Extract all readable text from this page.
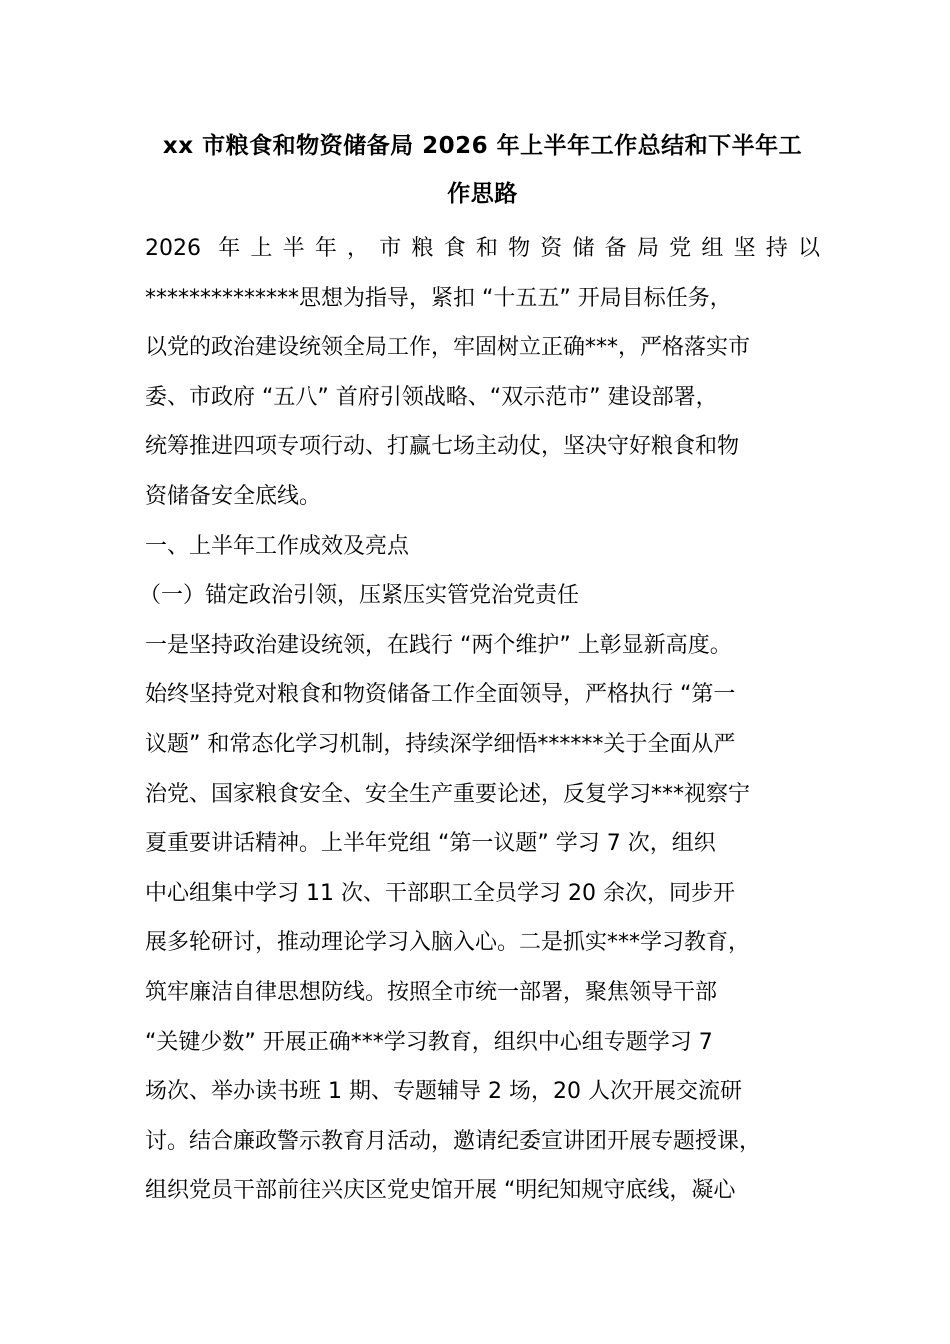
xx 市粮食和物资储备局 2026 年上半年工作总结和下半年工
作思路

2026 年上半年，市粮食和物资储备局党组坚持以
**************思想为指导，紧扣 “十五五” 开局目标任务，
以党的政治建设统领全局工作，牢固树立正确***，严格落实市
委、市政府 “五八” 首府引领战略、“双示范市” 建设部署，
统筹推进四项专项行动、打赢七场主动仗，坚决守好粮食和物
资储备安全底线。

一、上半年工作成效及亮点

（一）锚定政治引领，压紧压实管党治党责任

一是坚持政治建设统领，在践行 “两个维护” 上彰显新高度。
始终坚持党对粮食和物资储备工作全面领导，严格执行 “第一
议题” 和常态化学习机制，持续深学细悟******关于全面从严
治党、国家粮食安全、安全生产重要论述，反复学习***视察宁
夏重要讲话精神。上半年党组 “第一议题” 学习 7 次，组织
中心组集中学习 11 次、干部职工全员学习 20 余次，同步开
展多轮研讨，推动理论学习入脑入心。二是抓实***学习教育，
筑牢廉洁自律思想防线。按照全市统一部署，聚焦领导干部
“关键少数” 开展正确***学习教育，组织中心组专题学习 7
场次、举办读书班 1 期、专题辅导 2 场，20 人次开展交流研
讨。结合廉政警示教育月活动，邀请纪委宣讲团开展专题授课，
组织党员干部前往兴庆区党史馆开展 “明纪知规守底线，凝心
